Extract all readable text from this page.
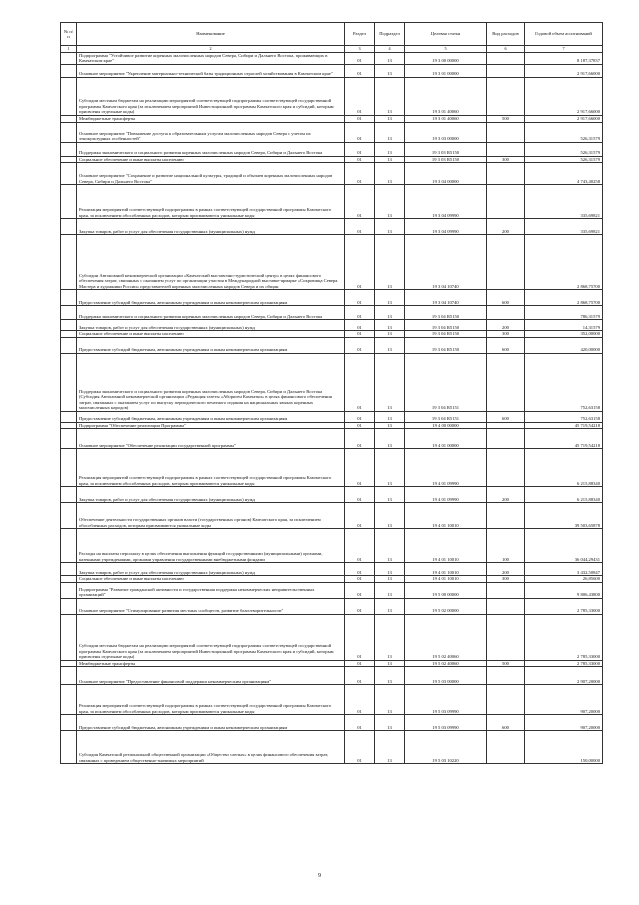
№ п/п	Наименование	Раздел	Подраздел	Целевая статья	Вид расходов	Годовой объем ассигнований
1	2	3	4	5	6	7
	Подпрограмма "Устойчивое развитие коренных малочисленных народов Севера, Сибири и Дальнего Востока, проживающих в Камчатском крае"	01	13	19 3 00 00000		8 187,37837
	Основное мероприятие "Укрепление материально-технической базы традиционных отраслей хозяйствования в Камчатском крае"	01	13	19 3 01 00000		2 917,66000
	Субсидии местным бюджетам на реализацию мероприятий соответствующей подпрограммы соответствующей государственной программы Камчатского края (за исключением мероприятий Инвестиционной программы Камчатского края и субсидий, которым присвоены отдельные коды)	01	13	19 3 01 40060		2 917,66000
	Межбюджетные трансферты	01	13	19 3 01 40060	500	2 917,66000
	Основное мероприятие "Повышение доступа к образовательным услугам малочисленных народов Севера с учетом их этнокультурных особенностей"	01	13	19 3 03 00000		526,31579
	Поддержка экономического и социального развития коренных малочисленных народов Севера, Сибири и Дальнего Востока	01	13	19 3 03 R5150		526,31579
	Социальное обеспечение и иные выплаты населению	01	13	19 3 03 R5150	300	526,31579
	Основное мероприятие "Сохранение и развитие национальной культуры, традиций и обычаев коренных малочисленных народов Севера, Сибири и Дальнего Востока"	01	13	19 3 04 00000		4 743,40258
	Реализация мероприятий соответствующей подпрограммы в рамках соответствующей государственной программы Камчатского края, за исключением обособленных расходов, которым присваиваются уникальные коды	01	13	19 3 04 09990		335,69821
	Закупка товаров, работ и услуг для обеспечения государственных (муниципальных) нужд	01	13	19 3 04 09990	200	335,69821
	Субсидии Автономной некоммерческой организации «Камчатский выставочно-туристический центр» в целях финансового обеспечения затрат, связанных с оказанием услуг по организации участия в Международной выставке-ярмарке «Сокровища Севера. Мастера и художники России» представителей коренных малочисленных народов Севера и их общин	01	13	19 3 04 10740		2 868,75700
	Предоставление субсидий бюджетным, автономным учреждениям и иным некоммерческим организациям	01	13	19 3 04 10740	600	2 868,75700
	Поддержка экономического и социального развития коренных малочисленных народов Севера, Сибири и Дальнего Востока	01	13	19 3 04 R5150		786,31579
	Закупка товаров, работ и услуг для обеспечения государственных (муниципальных) нужд	01	13	19 3 04 R5150	200	14,31579
	Социальное обеспечение и иные выплаты населению	01	13	19 3 04 R5150	300	352,00000
	Предоставление субсидий бюджетным, автономным учреждениям и иным некоммерческим организациям	01	13	19 3 04 R5150	600	420,00000
	Поддержка экономического и социального развития коренных малочисленных народов Севера, Сибири и Дальнего Востока (Субсидия Автономной некоммерческой организации «Редакция газеты «Абориген Камчатки» в целях финансового обеспечения затрат, связанных с оказанием услуг по выпуску периодического печатного издания на национальных языках коренных малочисленных народов)	01	13	19 3 04 R5151		752,63158
	Предоставление субсидий бюджетным, автономным учреждениям и иным некоммерческим организациям	01	13	19 3 04 R5151	600	752,63158
	Подпрограмма "Обеспечение реализации Программы"	01	13	19 4 00 00000		45 719,54218
	Основное мероприятие "Обеспечение реализации государственной программы"	01	13	19 4 01 00000		45 719,54218
	Реализация мероприятий соответствующей подпрограммы в рамках соответствующей государственной программы Камчатского края, за исключением обособленных расходов, которым присваиваются уникальные коды	01	13	19 4 01 09990		6 215,88340
	Закупка товаров, работ и услуг для обеспечения государственных (муниципальных) нужд	01	13	19 4 01 09990	200	6 215,88340
	Обеспечение деятельности государственных органов власти (государственных органов) Камчатского края, за исключением обособленных расходов, которым присваиваются уникальные коды	01	13	19 4 01 10010		39 503,65878
	Расходы на выплаты персоналу в целях обеспечения выполнения функций государственными (муниципальными) органами, казенными учреждениями, органами управления государственными внебюджетными фондами	01	13	19 4 01 10010	100	36 044,29431
	Закупка товаров, работ и услуг для обеспечения государственных (муниципальных) нужд	01	13	19 4 01 10010	200	3 432,50847
	Социальное обеспечение и иные выплаты населению	01	13	19 4 01 10010	300	26,85600
	Подпрограмма "Развитие гражданской активности и государственная поддержка некоммерческих неправительственных организаций"	01	13	19 5 00 00000		9 806,43800
	Основное мероприятие "Стимулирование развития местных сообществ, развитие благотворительности"	01	13	19 5 02 00000		2 785,33000
	Субсидии местным бюджетам на реализацию мероприятий соответствующей подпрограммы соответствующей государственной программы Камчатского края (за исключением мероприятий Инвестиционной программы Камчатского края и субсидий, которым присвоены отдельные коды)	01	13	19 5 02 40060		2 785,33000
	Межбюджетные трансферты	01	13	19 5 02 40060	500	2 785,33000
	Основное мероприятие "Предоставление финансовой поддержки некоммерческим организациям"	01	13	19 5 03 00000		2 907,20000
	Реализация мероприятий соответствующей подпрограммы в рамках соответствующей государственной программы Камчатского края, за исключением обособленных расходов, которым присваиваются уникальные коды	01	13	19 5 03 09990		907,20000
	Предоставление субсидий бюджетным, автономным учреждениям и иным некоммерческим организациям	01	13	19 5 03 09990	600	907,20000
	Субсидия Камчатской региональной общественной организации «Общество слепых» в целях финансового обеспечения затрат, связанных с проведением общественно-значимых мероприятий	01	13	19 5 03 10220		150,00000
9
